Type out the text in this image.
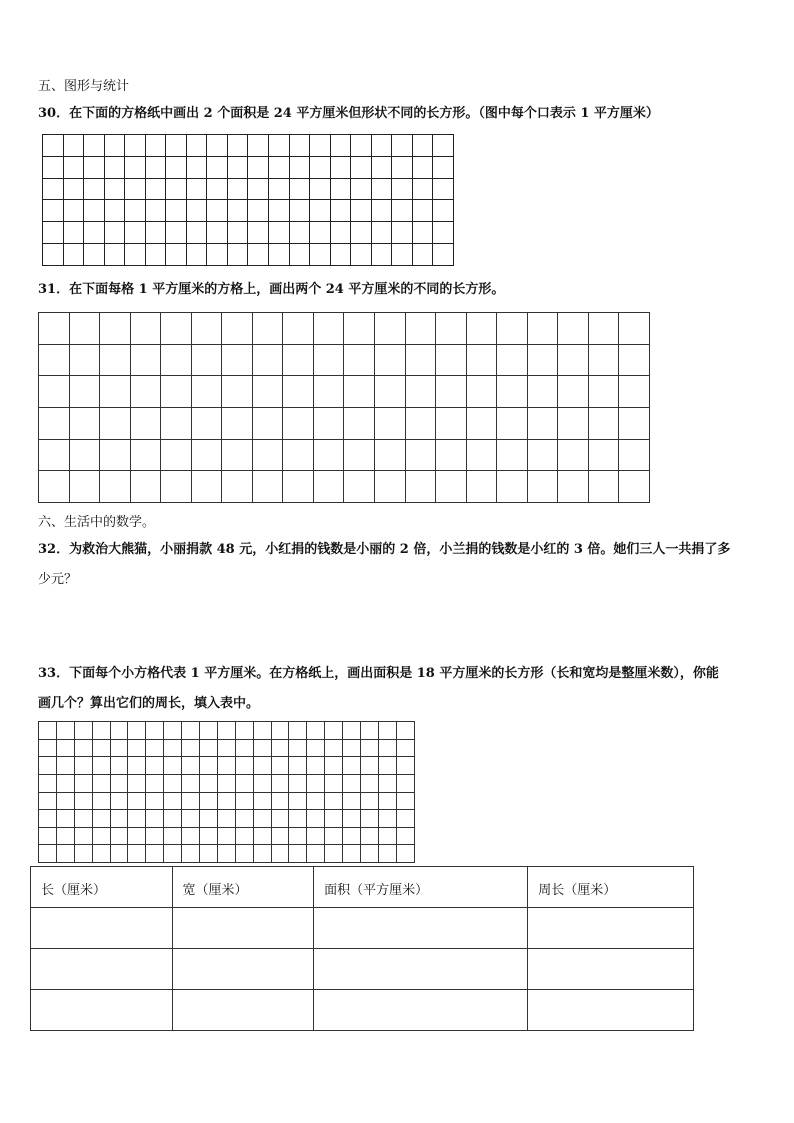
五、图形与统计
30．在下面的方格纸中画出 2 个面积是 24 平方厘米但形状不同的长方形。（图中每个口表示 1 平方厘米）

31．在下面每格 1 平方厘米的方格上，画出两个 24 平方厘米的不同的长方形。

六、生活中的数学。
32．为救治大熊猫，小丽捐款 48 元，小红捐的钱数是小丽的 2 倍，小兰捐的钱数是小红的 3 倍。她们三人一共捐了多
少元？
33．下面每个小方格代表 1 平方厘米。在方格纸上，画出面积是 18 平方厘米的长方形（长和宽均是整厘米数），你能
画几个？算出它们的周长，填入表中。

长（厘米）	宽（厘米）	面积（平方厘米）	周长（厘米）
